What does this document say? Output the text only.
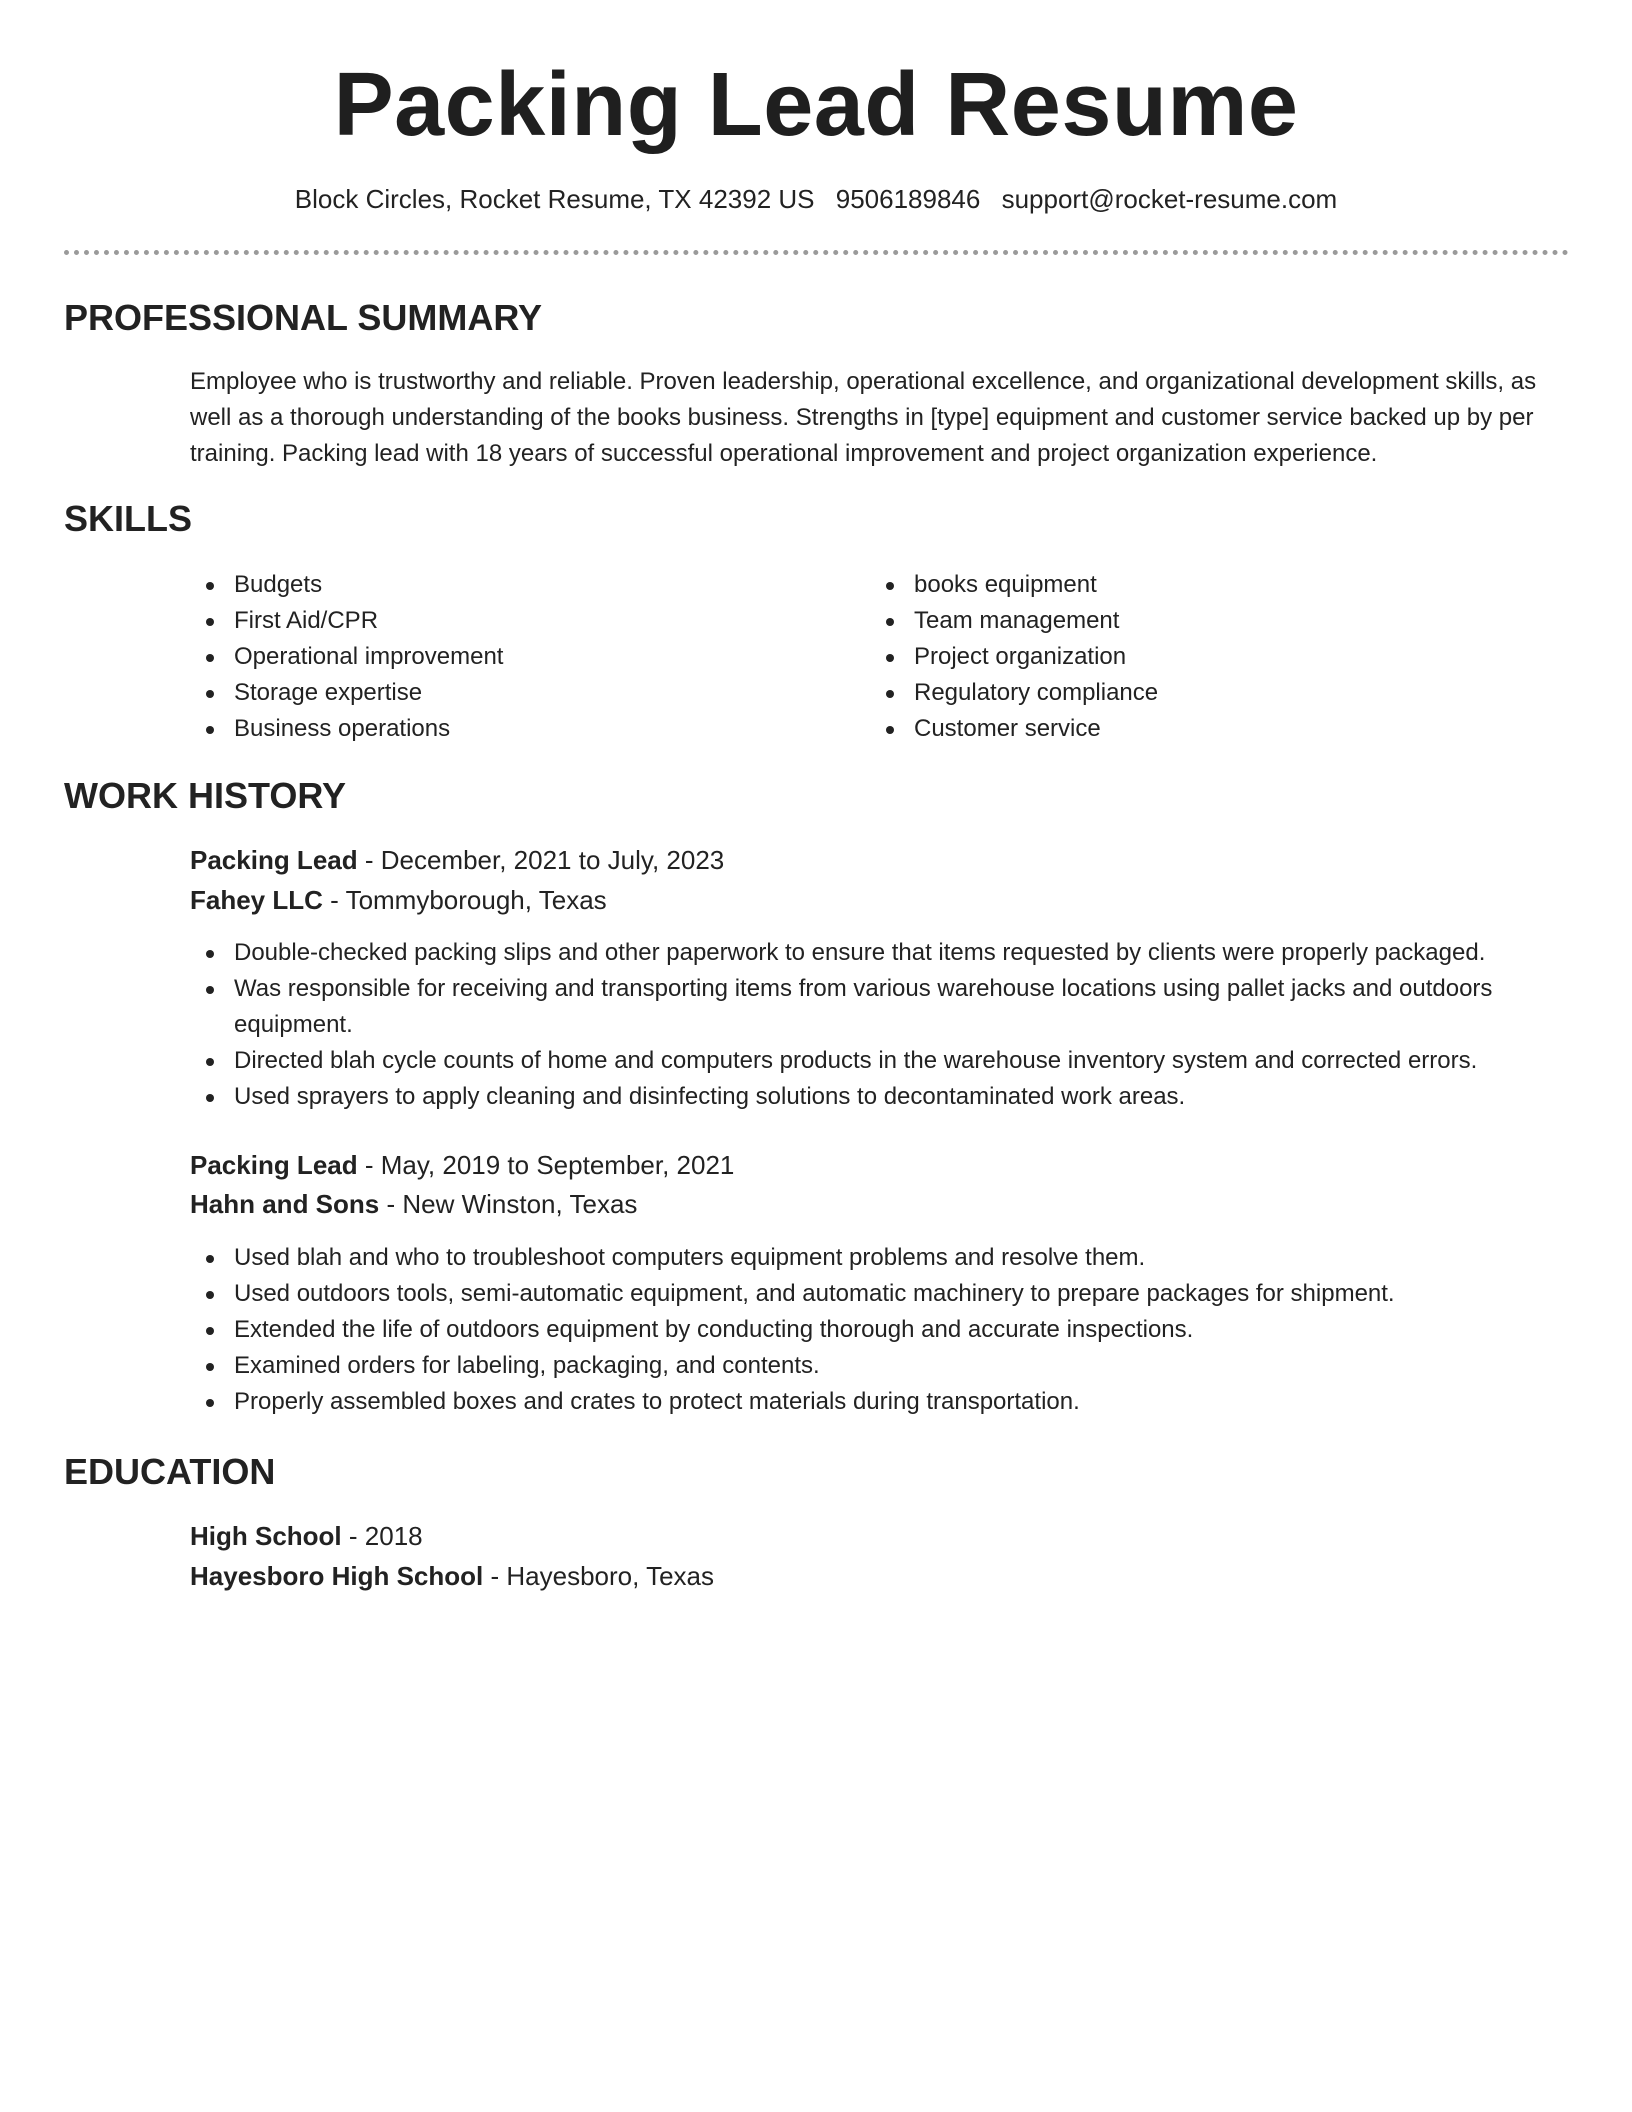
Packing Lead Resume
Block Circles, Rocket Resume, TX 42392 US 9506189846 support@rocket-resume.com
PROFESSIONAL SUMMARY

Employee who is trustworthy and reliable. Proven leadership, operational excellence, and organizational development skills, as well as a thorough understanding of the books business. Strengths in [type] equipment and customer service backed up by per training. Packing lead with 18 years of successful operational improvement and project organization experience.

SKILLS
Budgets
First Aid/CPR
Operational improvement
Storage expertise
Business operations
books equipment
Team management
Project organization
Regulatory compliance
Customer service
WORK HISTORY

Packing Lead - December, 2021 to July, 2023

Fahey LLC - Tommyborough, Texas

Double-checked packing slips and other paperwork to ensure that items requested by clients were properly packaged.
Was responsible for receiving and transporting items from various warehouse locations using pallet jacks and outdoors equipment.
Directed blah cycle counts of home and computers products in the warehouse inventory system and corrected errors.
Used sprayers to apply cleaning and disinfecting solutions to decontaminated work areas.

Packing Lead - May, 2019 to September, 2021

Hahn and Sons - New Winston, Texas

Used blah and who to troubleshoot computers equipment problems and resolve them.
Used outdoors tools, semi-automatic equipment, and automatic machinery to prepare packages for shipment.
Extended the life of outdoors equipment by conducting thorough and accurate inspections.
Examined orders for labeling, packaging, and contents.
Properly assembled boxes and crates to protect materials during transportation.
EDUCATION

High School - 2018

Hayesboro High School - Hayesboro, Texas
